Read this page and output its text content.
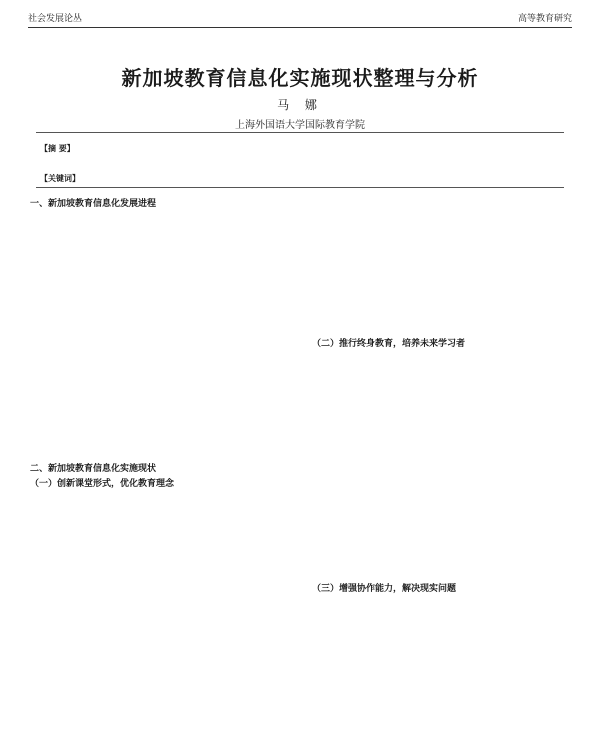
社会发展论丛	高等教育研究
新加坡教育信息化实施现状整理与分析
马 娜
上海外国语大学国际教育学院
【摘 要】
【关键词】

一、新加坡教育信息化发展进程

二、新加坡教育信息化实施现状

（一）创新课堂形式，优化教育理念

（二）推行终身教育，培养未来学习者

（三）增强协作能力，解决现实问题
